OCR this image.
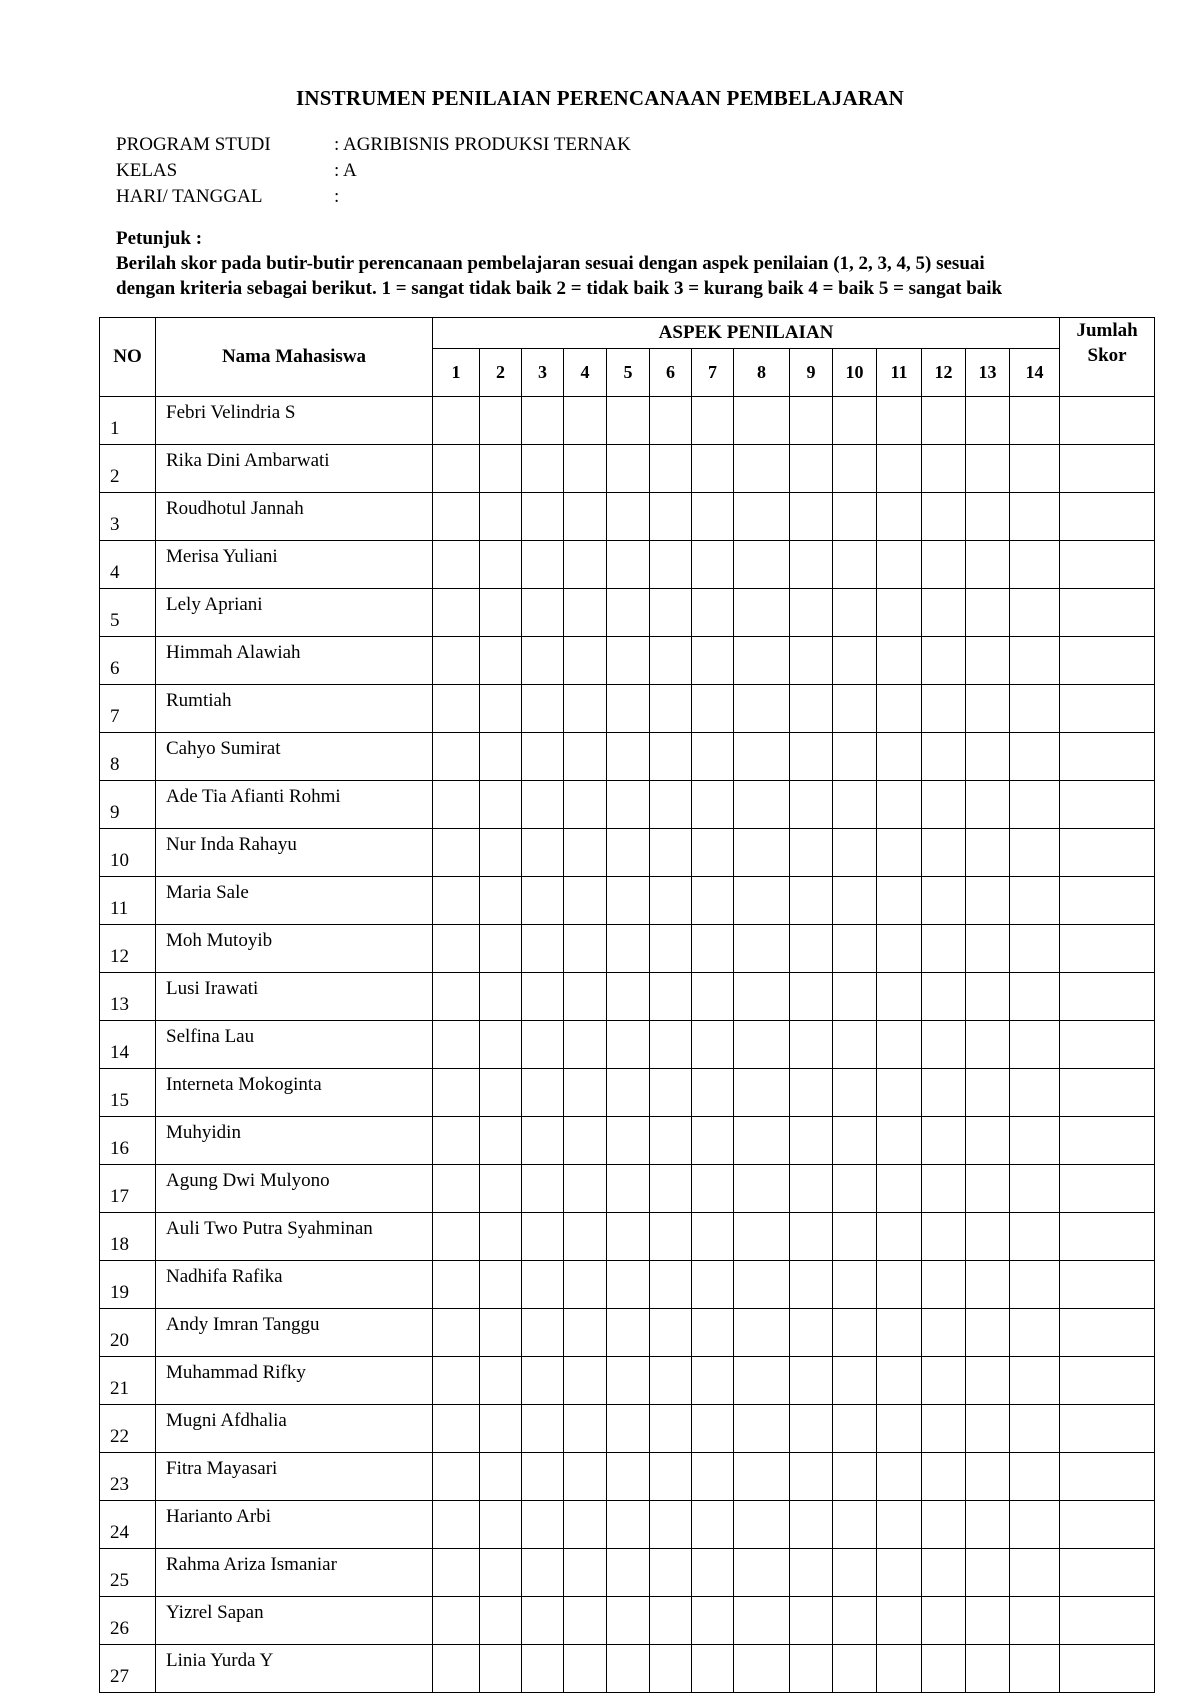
INSTRUMEN PENILAIAN PERENCANAAN PEMBELAJARAN
PROGRAM STUDI	: AGRIBISNIS PRODUKSI TERNAK
KELAS	: A
HARI/ TANGGAL	:
Petunjuk :
Berilah skor pada butir-butir perencanaan pembelajaran sesuai dengan aspek penilaian (1, 2, 3, 4, 5) sesuai
dengan kriteria sebagai berikut. 1 = sangat tidak baik 2 = tidak baik 3 = kurang baik 4 = baik 5 = sangat baik
NO	Nama Mahasiswa	ASPEK PENILAIAN														Jumlah
Skor

		1	2	3	4	5	6	7	8	9	10	11	12	13	14	
1	Febri Velindria S															
2	Rika Dini Ambarwati															
3	Roudhotul Jannah															
4	Merisa Yuliani															
5	Lely Apriani															
6	Himmah Alawiah															
7	Rumtiah															
8	Cahyo Sumirat															
9	Ade Tia Afianti Rohmi															
10	Nur Inda Rahayu															
11	Maria Sale															
12	Moh Mutoyib															
13	Lusi Irawati															
14	Selfina Lau															
15	Interneta Mokoginta															
16	Muhyidin															
17	Agung Dwi Mulyono															
18	Auli Two Putra Syahminan															
19	Nadhifa Rafika															
20	Andy Imran Tanggu															
21	Muhammad Rifky															
22	Mugni Afdhalia															
23	Fitra Mayasari															
24	Harianto Arbi															
25	Rahma Ariza Ismaniar															
26	Yizrel Sapan															
27	Linia Yurda Y															
